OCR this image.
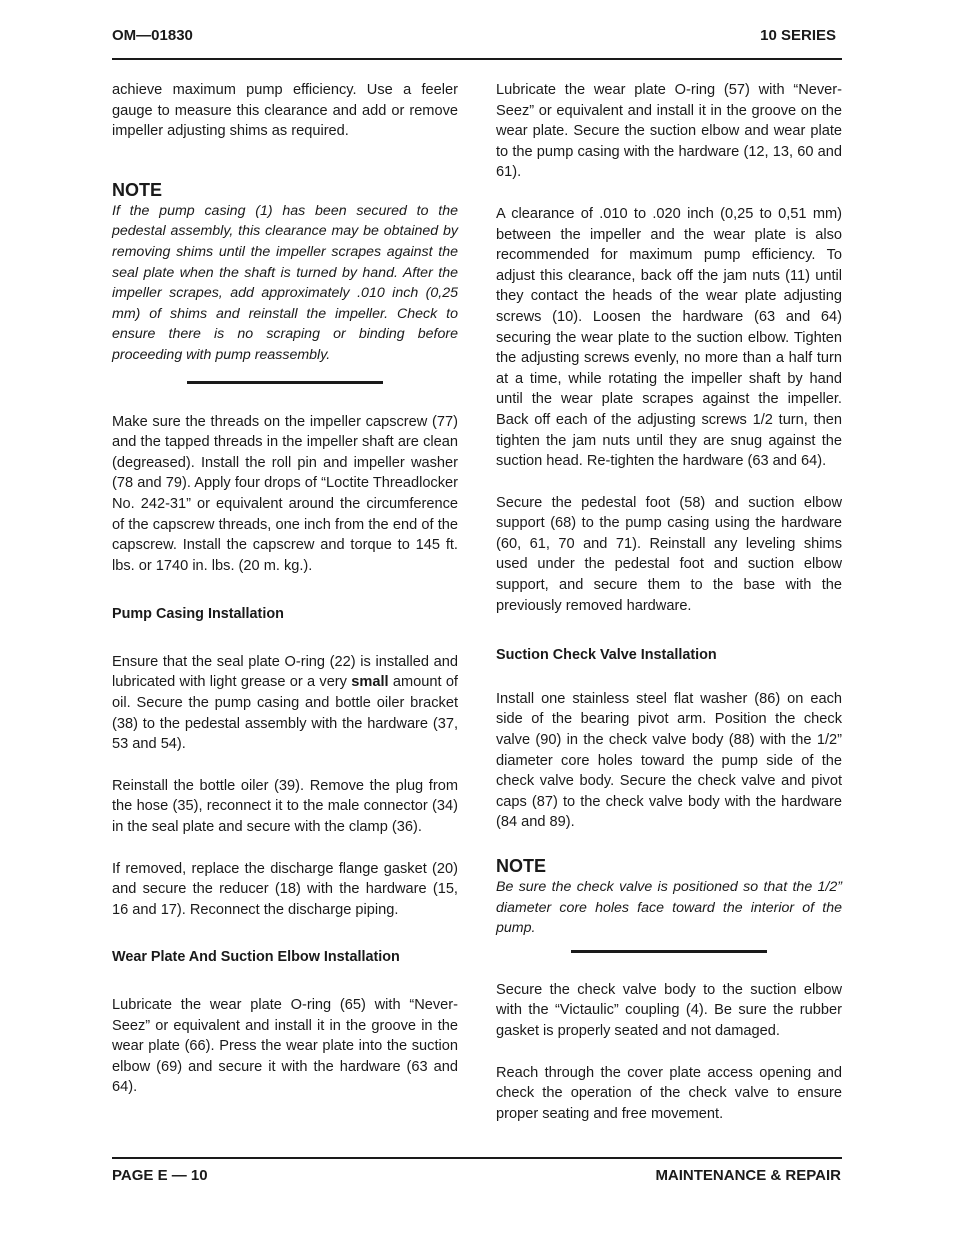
OM—01830	10 SERIES

achieve maximum pump efficiency. Use a feeler gauge to measure this clearance and add or remove impeller adjusting shims as required.

NOTE

If the pump casing (1) has been secured to the pedestal assembly, this clearance may be obtained by removing shims until the impeller scrapes against the seal plate when the shaft is turned by hand. After the impeller scrapes, add approximately .010 inch (0,25 mm) of shims and reinstall the impeller. Check to ensure there is no scraping or binding before proceeding with pump reassembly.

Make sure the threads on the impeller capscrew (77) and the tapped threads in the impeller shaft are clean (degreased). Install the roll pin and impeller washer (78 and 79). Apply four drops of “Loctite Threadlocker No. 242-31” or equivalent around the circumference of the capscrew threads, one inch from the end of the capscrew. Install the capscrew and torque to 145 ft. lbs. or 1740 in. lbs. (20 m. kg.).

Pump Casing Installation

Ensure that the seal plate O-ring (22) is installed and lubricated with light grease or a very small amount of oil. Secure the pump casing and bottle oiler bracket (38) to the pedestal assembly with the hardware (37, 53 and 54).

Reinstall the bottle oiler (39). Remove the plug from the hose (35), reconnect it to the male connector (34) in the seal plate and secure with the clamp (36).

If removed, replace the discharge flange gasket (20) and secure the reducer (18) with the hardware (15, 16 and 17). Reconnect the discharge piping.

Wear Plate And Suction Elbow Installation

Lubricate the wear plate O-ring (65) with “Never-Seez” or equivalent and install it in the groove in the wear plate (66). Press the wear plate into the suction elbow (69) and secure it with the hardware (63 and 64).

Lubricate the wear plate O-ring (57) with “Never-Seez” or equivalent and install it in the groove on the wear plate. Secure the suction elbow and wear plate to the pump casing with the hardware (12, 13, 60 and 61).

A clearance of .010 to .020 inch (0,25 to 0,51 mm) between the impeller and the wear plate is also recommended for maximum pump efficiency. To adjust this clearance, back off the jam nuts (11) until they contact the heads of the wear plate adjusting screws (10). Loosen the hardware (63 and 64) securing the wear plate to the suction elbow. Tighten the adjusting screws evenly, no more than a half turn at a time, while rotating the impeller shaft by hand until the wear plate scrapes against the impeller. Back off each of the adjusting screws 1/2 turn, then tighten the jam nuts until they are snug against the suction head. Re-tighten the hardware (63 and 64).

Secure the pedestal foot (58) and suction elbow support (68) to the pump casing using the hardware (60, 61, 70 and 71). Reinstall any leveling shims used under the pedestal foot and suction elbow support, and secure them to the base with the previously removed hardware.

Suction Check Valve Installation

Install one stainless steel flat washer (86) on each side of the bearing pivot arm. Position the check valve (90) in the check valve body (88) with the 1/2” diameter core holes toward the pump side of the check valve body. Secure the check valve and pivot caps (87) to the check valve body with the hardware (84 and 89).

NOTE

Be sure the check valve is positioned so that the 1/2” diameter core holes face toward the interior of the pump.

Secure the check valve body to the suction elbow with the “Victaulic” coupling (4). Be sure the rubber gasket is properly seated and not damaged.

Reach through the cover plate access opening and check the operation of the check valve to ensure proper seating and free movement.

PAGE E — 10	MAINTENANCE & REPAIR
